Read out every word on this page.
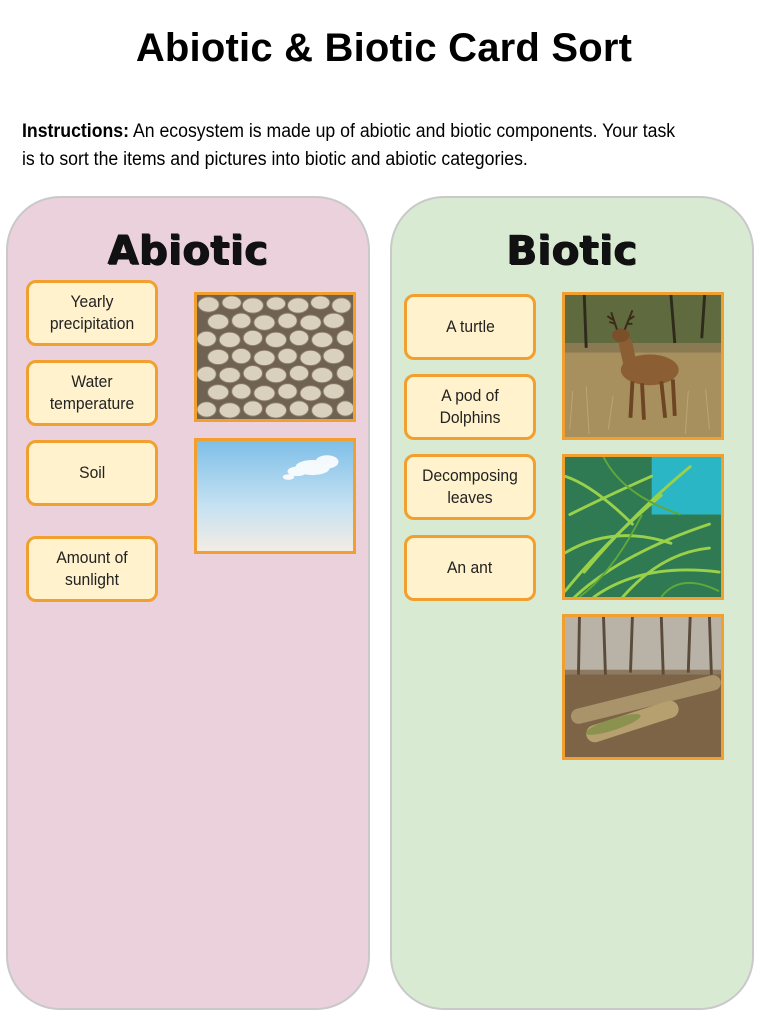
Abiotic & Biotic Card Sort
Instructions: An ecosystem is made up of abiotic and biotic components. Your task is to sort the items and pictures into biotic and abiotic categories.
Abiotic
Yearly precipitation
Water temperature
Soil
Amount of sunlight
Biotic
A turtle
A pod of Dolphins
Decomposing leaves
An ant
